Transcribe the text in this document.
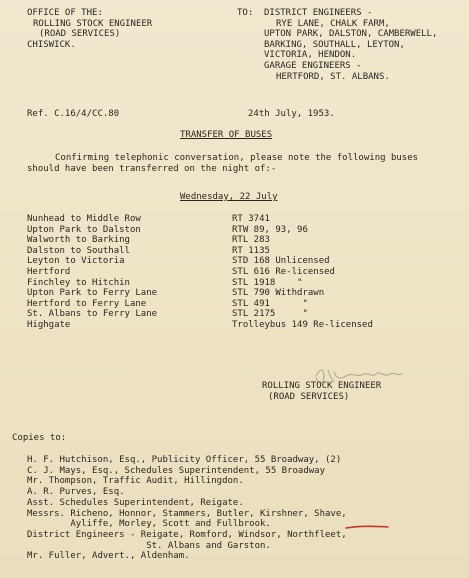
OFFICE OF THE:
ROLLING STOCK ENGINEER
(ROAD SERVICES)
CHISWICK.
TO: DISTRICT ENGINEERS -
RYE LANE, CHALK FARM,
UPTON PARK, DALSTON, CAMBERWELL,
BARKING, SOUTHALL, LEYTON,
VICTORIA, HENDON.
GARAGE ENGINEERS -
HERTFORD, ST. ALBANS.
Ref. C.16/4/CC.80	24th July, 1953.
TRANSFER OF BUSES
Confirming telephonic conversation, please note the following buses
should have been transferred on the night of:-
Wednesday, 22 July
Nunhead to Middle Row
Upton Park to Dalston
Walworth to Barking
Dalston to Southall
Leyton to Victoria
Hertford
Finchley to Hitchin
Upton Park to Ferry Lane
Hertford to Ferry Lane
St. Albans to Ferry Lane
Highgate
RT 3741
RTW 89, 93, 96
RTL 283
RT 1135
STD 168 Unlicensed
STL 616 Re-licensed
STL 1918    "
STL 790 Withdrawn
STL 491      "
STL 2175     "
Trolleybus 149 Re-licensed
ROLLING STOCK ENGINEER
(ROAD SERVICES)
Copies to:
H. F. Hutchison, Esq., Publicity Officer, 55 Broadway, (2)
C. J. Mays, Esq., Schedules Superintendent, 55 Broadway
Mr. Thompson, Traffic Audit, Hillingdon.
A. R. Purves, Esq.
Asst. Schedules Superintendent, Reigate.
Messrs. Richeno, Honnor, Stammers, Butler, Kirshner, Shave,
Ayliffe, Morley, Scott and Fullbrook.
District Engineers - Reigate, Romford, Windsor, Northfleet,
St. Albans and Garston.
Mr. Fuller, Advert., Aldenham.
